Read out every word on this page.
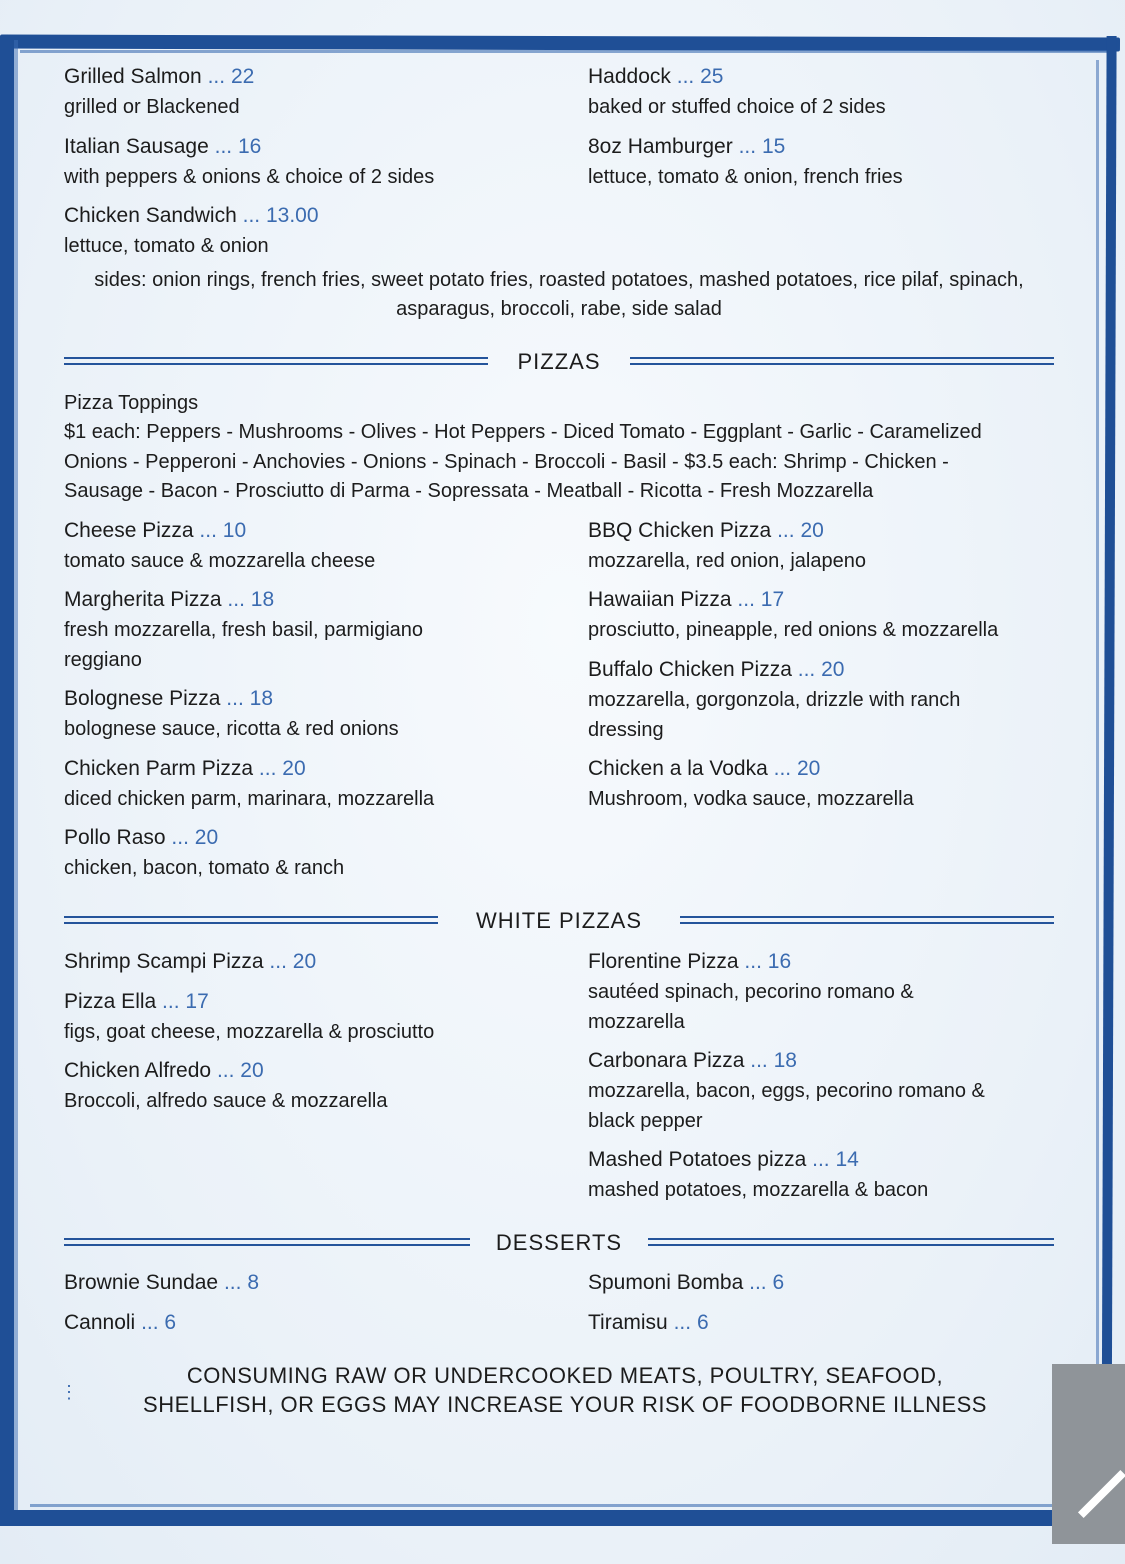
Grilled Salmon ... 22
grilled or Blackened
Italian Sausage ... 16
with peppers & onions & choice of 2 sides
Chicken Sandwich ... 13.00
lettuce, tomato & onion
Haddock ... 25
baked or stuffed choice of 2 sides
8oz Hamburger ... 15
lettuce, tomato & onion, french fries
sides: onion rings, french fries, sweet potato fries, roasted potatoes, mashed potatoes, rice pilaf, spinach,
asparagus, broccoli, rabe, side salad
PIZZAS
Pizza Toppings
$1 each: Peppers - Mushrooms - Olives - Hot Peppers - Diced Tomato - Eggplant - Garlic - Caramelized
Onions - Pepperoni - Anchovies - Onions - Spinach - Broccoli - Basil - $3.5 each: Shrimp - Chicken -
Sausage - Bacon - Prosciutto di Parma - Sopressata - Meatball - Ricotta - Fresh Mozzarella
Cheese Pizza ... 10
tomato sauce & mozzarella cheese
Margherita Pizza ... 18
fresh mozzarella, fresh basil, parmigiano reggiano
Bolognese Pizza ... 18
bolognese sauce, ricotta & red onions
Chicken Parm Pizza ... 20
diced chicken parm, marinara, mozzarella
Pollo Raso ... 20
chicken, bacon, tomato & ranch
BBQ Chicken Pizza ... 20
mozzarella, red onion, jalapeno
Hawaiian Pizza ... 17
prosciutto, pineapple, red onions & mozzarella
Buffalo Chicken Pizza ... 20
mozzarella, gorgonzola, drizzle with ranch dressing
Chicken a la Vodka ... 20
Mushroom, vodka sauce, mozzarella
WHITE PIZZAS
Shrimp Scampi Pizza ... 20
Pizza Ella ... 17
figs, goat cheese, mozzarella & prosciutto
Chicken Alfredo ... 20
Broccoli, alfredo sauce & mozzarella
Florentine Pizza ... 16
sautéed spinach, pecorino romano & mozzarella
Carbonara Pizza ... 18
mozzarella, bacon, eggs, pecorino romano & black pepper
Mashed Potatoes pizza ... 14
mashed potatoes, mozzarella & bacon
DESSERTS
Brownie Sundae ... 8
Cannoli ... 6
Spumoni Bomba ... 6
Tiramisu ... 6
CONSUMING RAW OR UNDERCOOKED MEATS, POULTRY, SEAFOOD,
SHELLFISH, OR EGGS MAY INCREASE YOUR RISK OF FOODBORNE ILLNESS
⋮
